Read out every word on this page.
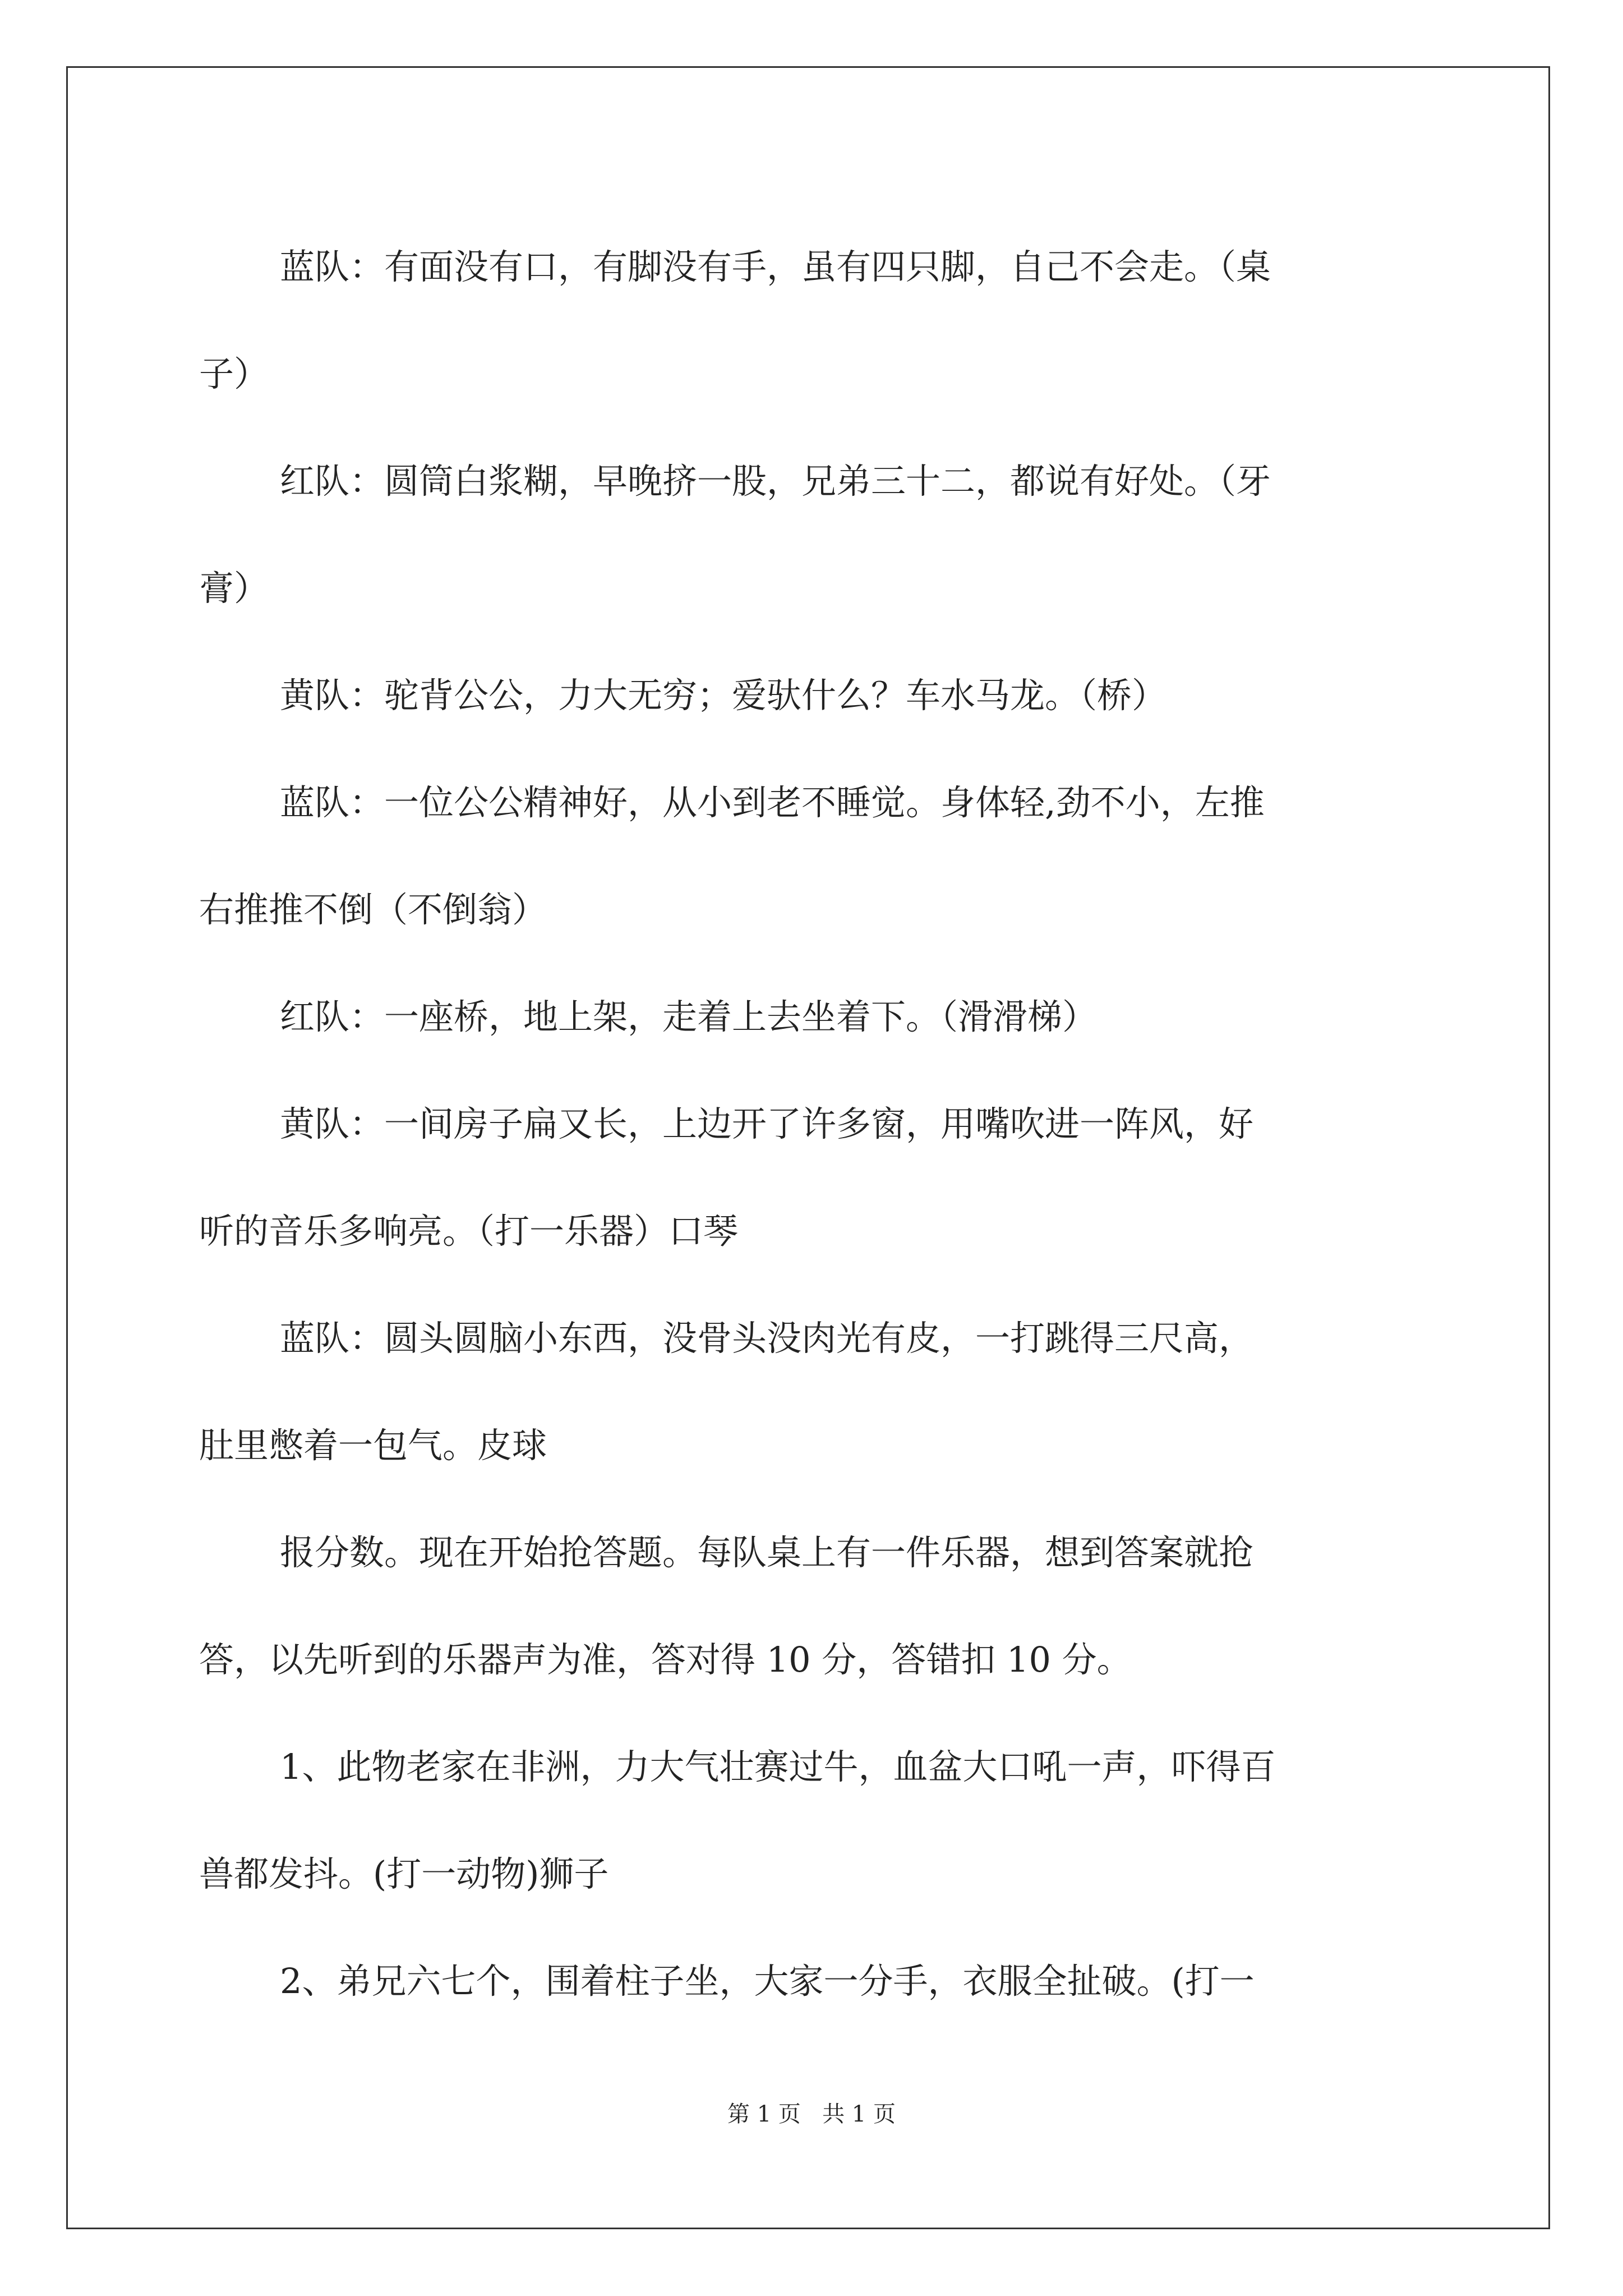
蓝队：有面没有口，有脚没有手，虽有四只脚，自己不会走。（桌
子）

红队：圆筒白浆糊，早晚挤一股，兄弟三十二，都说有好处。（牙
膏）

黄队：驼背公公，力大无穷；爱驮什么？车水马龙。（桥）

蓝队：一位公公精神好，从小到老不睡觉。身体轻,劲不小，左推
右推推不倒（不倒翁）

红队：一座桥，地上架，走着上去坐着下。（滑滑梯）

黄队：一间房子扁又长，上边开了许多窗，用嘴吹进一阵风，好
听的音乐多响亮。（打一乐器）口琴

蓝队：圆头圆脑小东西，没骨头没肉光有皮，一打跳得三尺高，
肚里憋着一包气。皮球

报分数。现在开始抢答题。每队桌上有一件乐器，想到答案就抢
答，以先听到的乐器声为准，答对得 10 分，答错扣 10 分。

1、此物老家在非洲，力大气壮赛过牛，血盆大口吼一声，吓得百
兽都发抖。(打一动物)狮子

2、弟兄六七个，围着柱子坐，大家一分手，衣服全扯破。(打一

第 1 页   共 1 页
